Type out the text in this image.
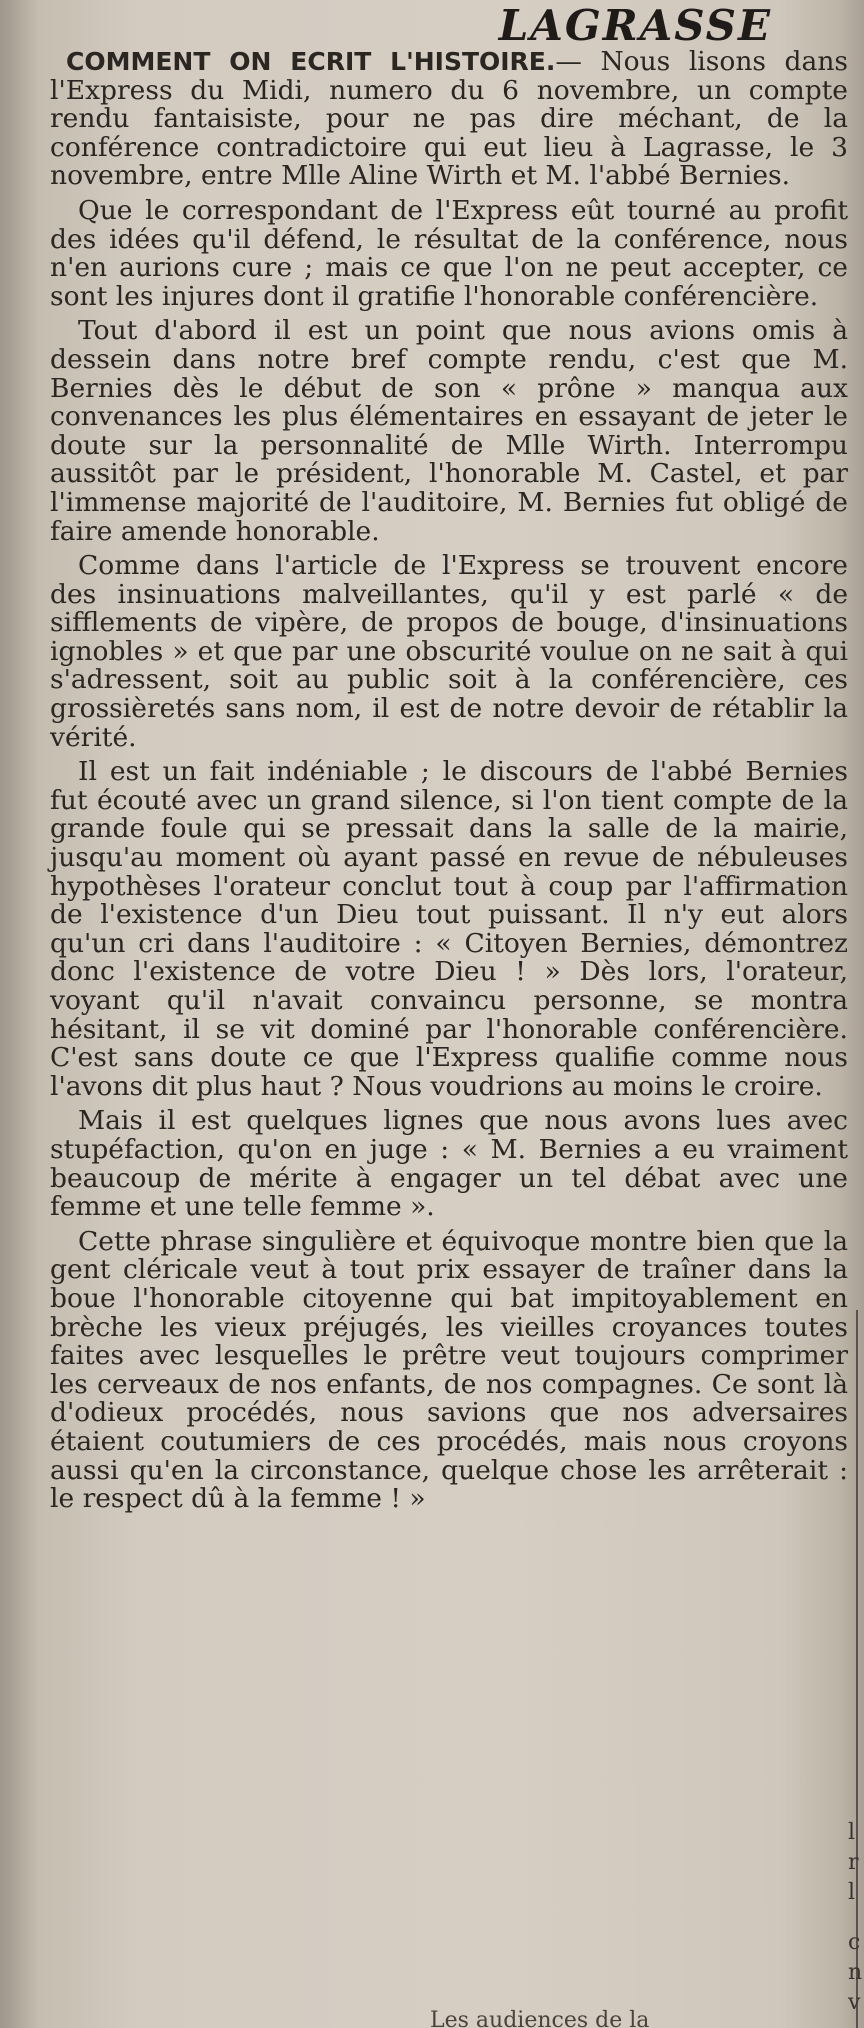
LAGRASSE

COMMENT ON ECRIT L'HISTOIRE.— Nous lisons dans l'Express du Midi, numero du 6 novembre, un compte rendu fantaisiste, pour ne pas dire méchant, de la conférence contradictoire qui eut lieu à Lagrasse, le 3 novembre, entre Mlle Aline Wirth et M. l'abbé Bernies.

Que le correspondant de l'Express eût tourné au profit des idées qu'il défend, le résultat de la conférence, nous n'en aurions cure ; mais ce que l'on ne peut accepter, ce sont les injures dont il gratifie l'honorable conférencière.

Tout d'abord il est un point que nous avions omis à dessein dans notre bref compte rendu, c'est que M. Bernies dès le début de son « prône » manqua aux convenances les plus élémentaires en essayant de jeter le doute sur la personnalité de Mlle Wirth. Interrompu aussitôt par le président, l'honorable M. Castel, et par l'immense majorité de l'auditoire, M. Bernies fut obligé de faire amende honorable.

Comme dans l'article de l'Express se trouvent encore des insinuations malveillantes, qu'il y est parlé « de sifflements de vipère, de propos de bouge, d'insinuations ignobles » et que par une obscurité voulue on ne sait à qui s'adressent, soit au public soit à la conférencière, ces grossièretés sans nom, il est de notre devoir de rétablir la vérité.

Il est un fait indéniable ; le discours de l'abbé Bernies fut écouté avec un grand silence, si l'on tient compte de la grande foule qui se pressait dans la salle de la mairie, jusqu'au moment où ayant passé en revue de nébuleuses hypothèses l'orateur conclut tout à coup par l'affirmation de l'existence d'un Dieu tout puissant. Il n'y eut alors qu'un cri dans l'auditoire : « Citoyen Bernies, démontrez donc l'existence de votre Dieu ! » Dès lors, l'orateur, voyant qu'il n'avait convaincu personne, se montra hésitant, il se vit dominé par l'honorable conférencière. C'est sans doute ce que l'Express qualifie comme nous l'avons dit plus haut ? Nous voudrions au moins le croire.

Mais il est quelques lignes que nous avons lues avec stupéfaction, qu'on en juge : « M. Bernies a eu vraiment beaucoup de mérite à engager un tel débat avec une femme et une telle femme ».

Cette phrase singulière et équivoque montre bien que la gent cléricale veut à tout prix essayer de traîner dans la boue l'honorable citoyenne qui bat impitoyablement en brèche les vieux préjugés, les vieilles croyances toutes faites avec lesquelles le prêtre veut toujours comprimer les cerveaux de nos enfants, de nos compagnes. Ce sont là d'odieux procédés, nous savions que nos adversaires étaient coutumiers de ces procédés, mais nous croyons aussi qu'en la circonstance, quelque chose les arrêterait : le respect dû à la femme ! »

l
r
l
c
n
v
Les audiences de la
